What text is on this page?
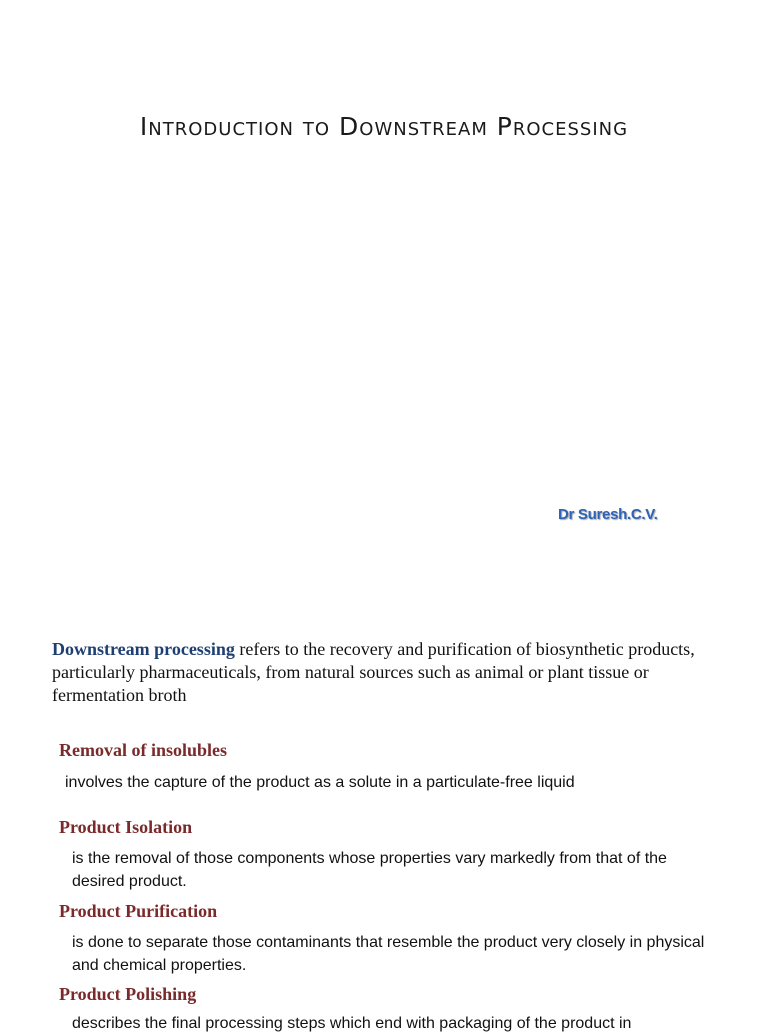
Introduction to Downstream Processing
Dr Suresh.C.V.
Downstream processing refers to the recovery and purification of biosynthetic products, particularly pharmaceuticals, from natural sources such as animal or plant tissue or fermentation broth
Removal of insolubles
involves the capture of the product as a solute in a particulate-free liquid
Product Isolation
is the removal of those components whose properties vary markedly from that of the desired product.
Product Purification
is done to separate those contaminants that resemble the product very closely in physical and chemical properties.
Product Polishing
describes the final processing steps which end with packaging of the product in
